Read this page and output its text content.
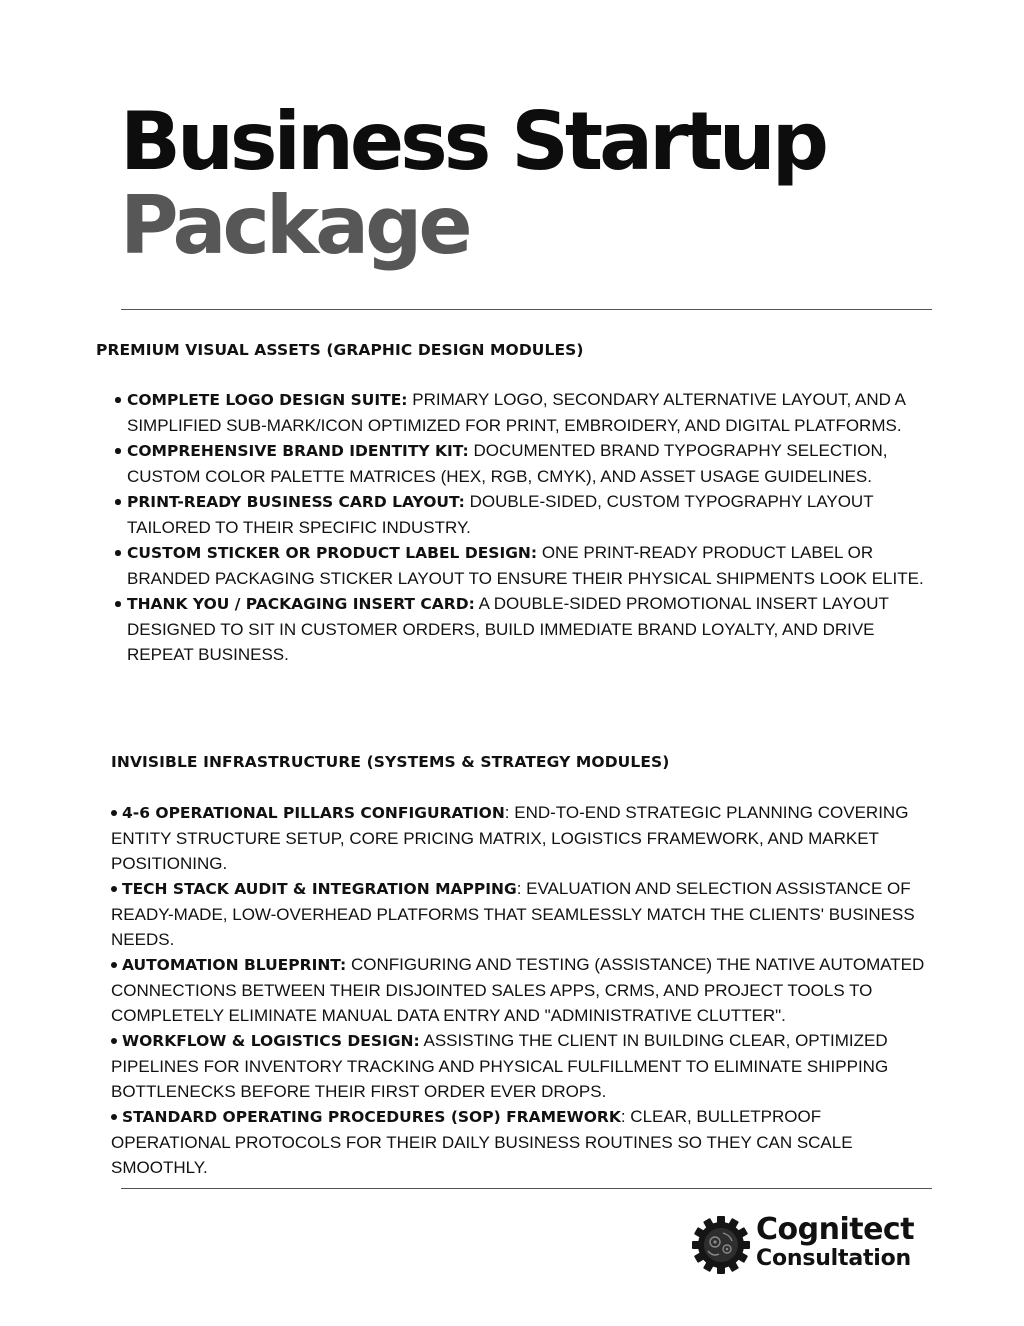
Business Startup
Package
PREMIUM VISUAL ASSETS (GRAPHIC DESIGN MODULES)
COMPLETE LOGO DESIGN SUITE: PRIMARY LOGO, SECONDARY ALTERNATIVE LAYOUT, AND A SIMPLIFIED SUB-MARK/ICON OPTIMIZED FOR PRINT, EMBROIDERY, AND DIGITAL PLATFORMS.
COMPREHENSIVE BRAND IDENTITY KIT: DOCUMENTED BRAND TYPOGRAPHY SELECTION, CUSTOM COLOR PALETTE MATRICES (HEX, RGB, CMYK), AND ASSET USAGE GUIDELINES.
PRINT-READY BUSINESS CARD LAYOUT: DOUBLE-SIDED, CUSTOM TYPOGRAPHY LAYOUT TAILORED TO THEIR SPECIFIC INDUSTRY.
CUSTOM STICKER OR PRODUCT LABEL DESIGN: ONE PRINT-READY PRODUCT LABEL OR BRANDED PACKAGING STICKER LAYOUT TO ENSURE THEIR PHYSICAL SHIPMENTS LOOK ELITE.
THANK YOU / PACKAGING INSERT CARD: A DOUBLE-SIDED PROMOTIONAL INSERT LAYOUT DESIGNED TO SIT IN CUSTOMER ORDERS, BUILD IMMEDIATE BRAND LOYALTY, AND DRIVE REPEAT BUSINESS.
INVISIBLE INFRASTRUCTURE (SYSTEMS & STRATEGY MODULES)

4-6 OPERATIONAL PILLARS CONFIGURATION: END-TO-END STRATEGIC PLANNING COVERING ENTITY STRUCTURE SETUP, CORE PRICING MATRIX, LOGISTICS FRAMEWORK, AND MARKET POSITIONING.

TECH STACK AUDIT & INTEGRATION MAPPING: EVALUATION AND SELECTION ASSISTANCE OF READY-MADE, LOW-OVERHEAD PLATFORMS THAT SEAMLESSLY MATCH THE CLIENTS' BUSINESS NEEDS.

AUTOMATION BLUEPRINT: CONFIGURING AND TESTING (ASSISTANCE) THE NATIVE AUTOMATED CONNECTIONS BETWEEN THEIR DISJOINTED SALES APPS, CRMS, AND PROJECT TOOLS TO COMPLETELY ELIMINATE MANUAL DATA ENTRY AND "ADMINISTRATIVE CLUTTER".

WORKFLOW & LOGISTICS DESIGN: ASSISTING THE CLIENT IN BUILDING CLEAR, OPTIMIZED PIPELINES FOR INVENTORY TRACKING AND PHYSICAL FULFILLMENT TO ELIMINATE SHIPPING BOTTLENECKS BEFORE THEIR FIRST ORDER EVER DROPS.

STANDARD OPERATING PROCEDURES (SOP) FRAMEWORK: CLEAR, BULLETPROOF OPERATIONAL PROTOCOLS FOR THEIR DAILY BUSINESS ROUTINES SO THEY CAN SCALE SMOOTHLY.

Cognitect
Consultation
